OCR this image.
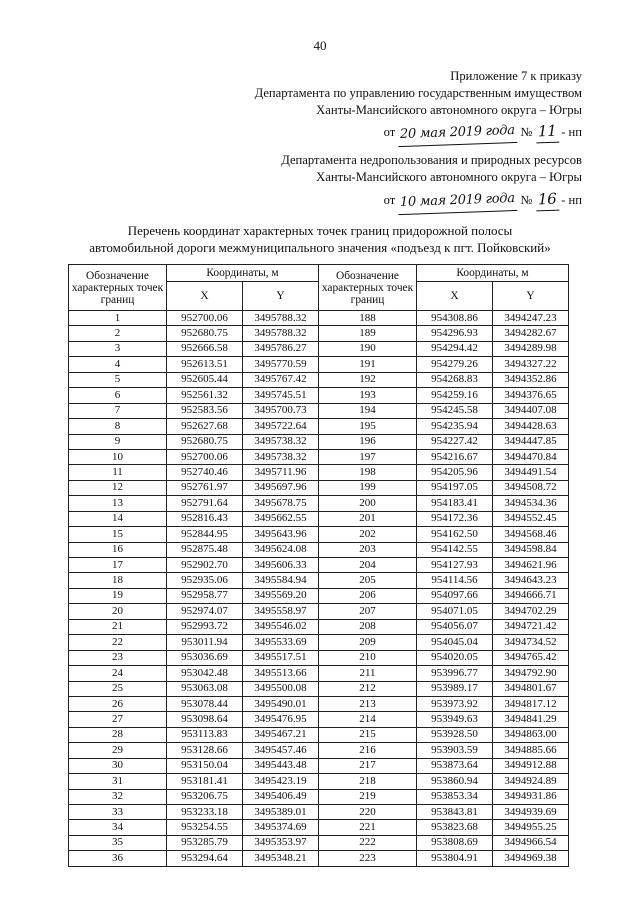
40
Приложение 7 к приказу
Департамента по управлению государственным имуществом
Ханты-Мансийского автономного округа – Югры
от 20 мая 2019 года № 11 - нп
Департамента недропользования и природных ресурсов
Ханты-Мансийского автономного округа – Югры
от 10 мая 2019 года № 16 - нп
Перечень координат характерных точек границ придорожной полосы
автомобильной дороги межмуниципального значения «подъезд к пгт. Пойковский»
Обозначение характерных точек границ	Координаты, м		Обозначение характерных точек границ	Координаты, м	
	X	Y		X	Y
1	952700.06	3495788.32	188	954308.86	3494247.23
2	952680.75	3495788.32	189	954296.93	3494282.67
3	952666.58	3495786.27	190	954294.42	3494289.98
4	952613.51	3495770.59	191	954279.26	3494327.22
5	952605.44	3495767.42	192	954268.83	3494352.86
6	952561.32	3495745.51	193	954259.16	3494376.65
7	952583.56	3495700.73	194	954245.58	3494407.08
8	952627.68	3495722.64	195	954235.94	3494428.63
9	952680.75	3495738.32	196	954227.42	3494447.85
10	952700.06	3495738.32	197	954216.67	3494470.84
11	952740.46	3495711.96	198	954205.96	3494491.54
12	952761.97	3495697.96	199	954197.05	3494508.72
13	952791.64	3495678.75	200	954183.41	3494534.36
14	952816.43	3495662.55	201	954172.36	3494552.45
15	952844.95	3495643.96	202	954162.50	3494568.46
16	952875.48	3495624.08	203	954142.55	3494598.84
17	952902.70	3495606.33	204	954127.93	3494621.96
18	952935.06	3495584.94	205	954114.56	3494643.23
19	952958.77	3495569.20	206	954097.66	3494666.71
20	952974.07	3495558.97	207	954071.05	3494702.29
21	952993.72	3495546.02	208	954056.07	3494721.42
22	953011.94	3495533.69	209	954045.04	3494734.52
23	953036.69	3495517.51	210	954020.05	3494765.42
24	953042.48	3495513.66	211	953996.77	3494792.90
25	953063.08	3495500.08	212	953989.17	3494801.67
26	953078.44	3495490.01	213	953973.92	3494817.12
27	953098.64	3495476.95	214	953949.63	3494841.29
28	953113.83	3495467.21	215	953928.50	3494863.00
29	953128.66	3495457.46	216	953903.59	3494885.66
30	953150.04	3495443.48	217	953873.64	3494912.88
31	953181.41	3495423.19	218	953860.94	3494924.89
32	953206.75	3495406.49	219	953853.34	3494931.86
33	953233.18	3495389.01	220	953843.81	3494939.69
34	953254.55	3495374.69	221	953823.68	3494955.25
35	953285.79	3495353.97	222	953808.69	3494966.54
36	953294.64	3495348.21	223	953804.91	3494969.38
